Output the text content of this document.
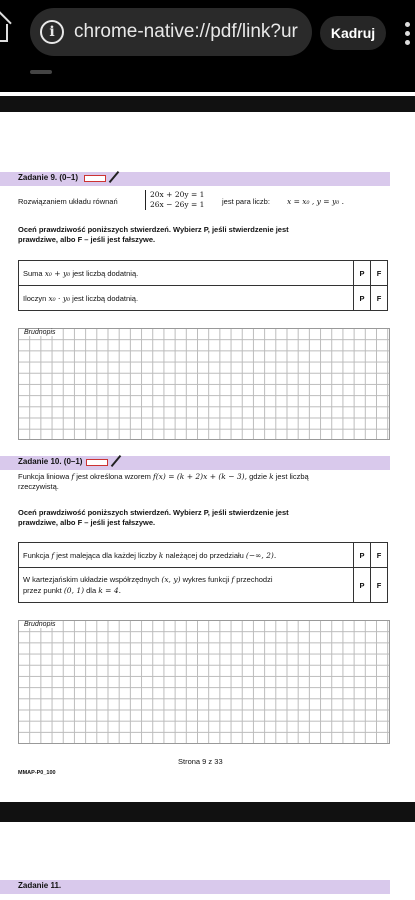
i	chrome-native://pdf/link?ur	Kadruj
Zadanie 9. (0–1)
Rozwiązaniem układu równań
20x + 20y = 1
26x − 26y = 1 jest para liczb: x = x₀ , y = y₀ .
Oceń prawdziwość poniższych stwierdzeń. Wybierz P, jeśli stwierdzenie jest
prawdziwe, albo F – jeśli jest fałszywe.
Suma x₀ + y₀ jest liczbą dodatnią.	P	F
Iloczyn x₀ · y₀ jest liczbą dodatnią.	P	F
Brudnopis
Zadanie 10. (0–1)
Funkcja liniowa f jest określona wzorem f(x) = (k + 2)x + (k − 3), gdzie k jest liczbą
rzeczywistą.
Oceń prawdziwość poniższych stwierdzeń. Wybierz P, jeśli stwierdzenie jest
prawdziwe, albo F – jeśli jest fałszywe.
Funkcja f jest malejąca dla każdej liczby k należącej do przedziału (−∞, 2).	P	F

W kartezjańskim układzie współrzędnych (x, y) wykres funkcji f przechodzi
przez punkt (0, 1) dla k = 4.	P	F
Brudnopis
Strona 9 z 33
MMAP-P0_100
Zadanie 11.
